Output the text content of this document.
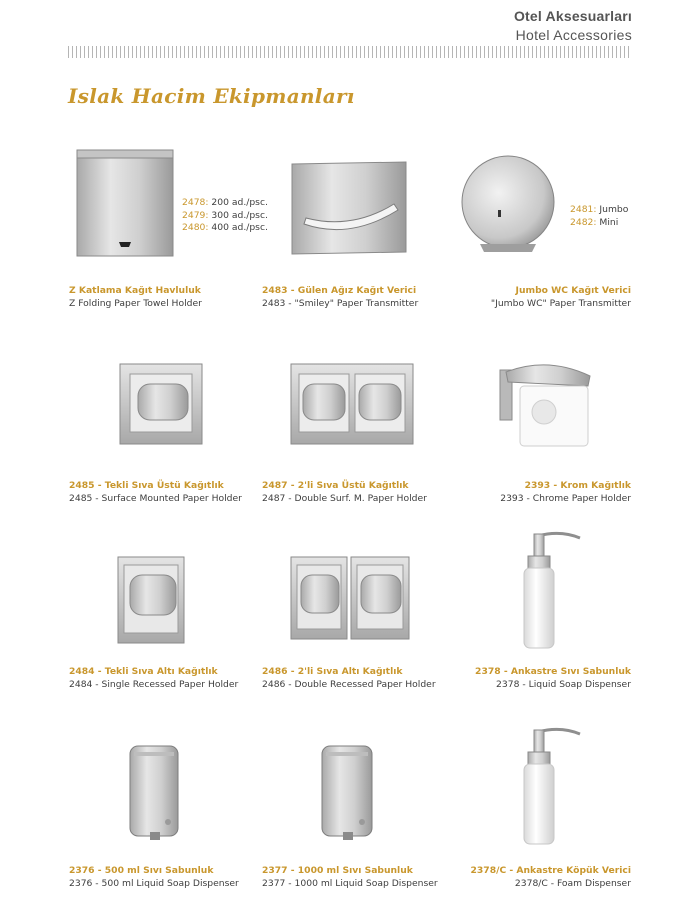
Otel Aksesuarları
Hotel Accessories
Islak Hacim Ekipmanları
2478: 200 ad./psc.
2479: 300 ad./psc.
2480: 400 ad./psc.
2481: Jumbo
2482: Mini
Z Katlama Kağıt Havluluk
Z Folding Paper Towel Holder
2483 - Gülen Ağız Kağıt Verici
2483 - "Smiley" Paper Transmitter
Jumbo WC Kağıt Verici
"Jumbo WC" Paper Transmitter
2485 - Tekli Sıva Üstü Kağıtlık
2485 - Surface Mounted Paper Holder
2487 - 2'li Sıva Üstü Kağıtlık
2487 - Double Surf. M. Paper Holder
2393 - Krom Kağıtlık
2393 - Chrome Paper Holder
2484 - Tekli Sıva Altı Kağıtlık
2484 - Single Recessed Paper Holder
2486 - 2'li Sıva Altı Kağıtlık
2486 - Double Recessed Paper Holder
2378 - Ankastre Sıvı Sabunluk
2378 - Liquid Soap Dispenser
2376 - 500 ml Sıvı Sabunluk
2376 - 500 ml Liquid Soap Dispenser
2377 - 1000 ml Sıvı Sabunluk
2377 - 1000 ml Liquid Soap Dispenser
2378/C - Ankastre Köpük Verici
2378/C - Foam Dispenser
